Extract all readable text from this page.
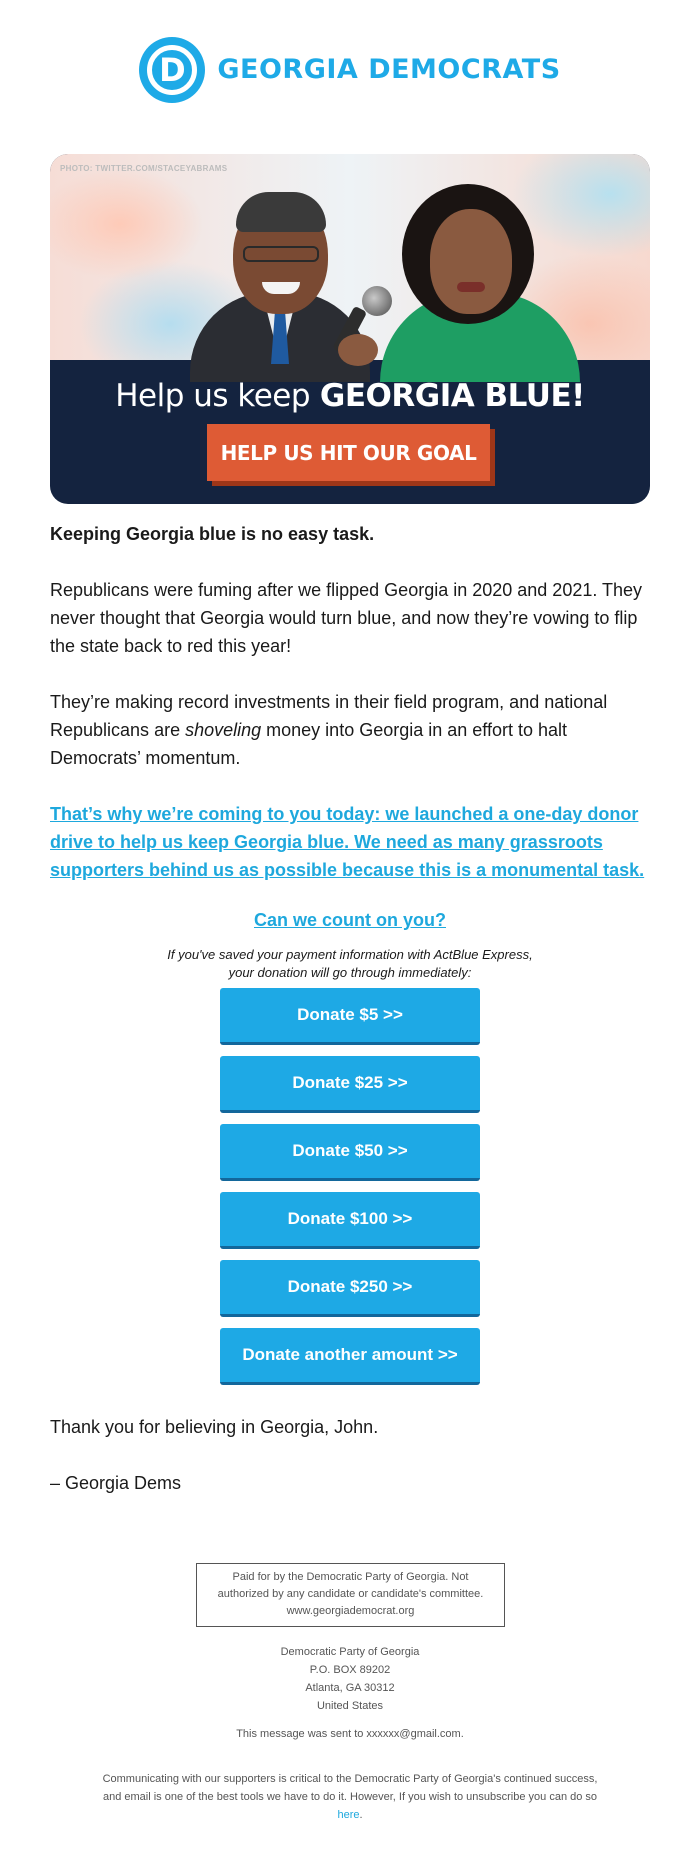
D	GEORGIA DEMOCRATS
PHOTO: TWITTER.COM/STACEYABRAMS
Help us keep GEORGIA BLUE!
HELP US HIT OUR GOAL

Keeping Georgia blue is no easy task.

Republicans were fuming after we flipped Georgia in 2020 and 2021. They never thought that Georgia would turn blue, and now they’re vowing to flip the state back to red this year!

They’re making record investments in their field program, and national Republicans are shoveling money into Georgia in an effort to halt Democrats’ momentum.

That’s why we’re coming to you today: we launched a one-day donor drive to help us keep Georgia blue. We need as many grassroots supporters behind us as possible because this is a monumental task.

Can we count on you?
If you've saved your payment information with ActBlue Express,
your donation will go through immediately:
Donate $5 >>
Donate $25 >>
Donate $50 >>
Donate $100 >>
Donate $250 >>
Donate another amount >>

Thank you for believing in Georgia, John.

– Georgia Dems

Paid for by the Democratic Party of Georgia. Not
authorized by any candidate or candidate's committee.
www.georgiademocrat.org
Democratic Party of Georgia
P.O. BOX 89202
Atlanta, GA 30312
United States
This message was sent to xxxxxx@gmail.com.
Communicating with our supporters is critical to the Democratic Party of Georgia's continued success, and email is one of the best tools we have to do it. However, If you wish to unsubscribe you can do so here.
